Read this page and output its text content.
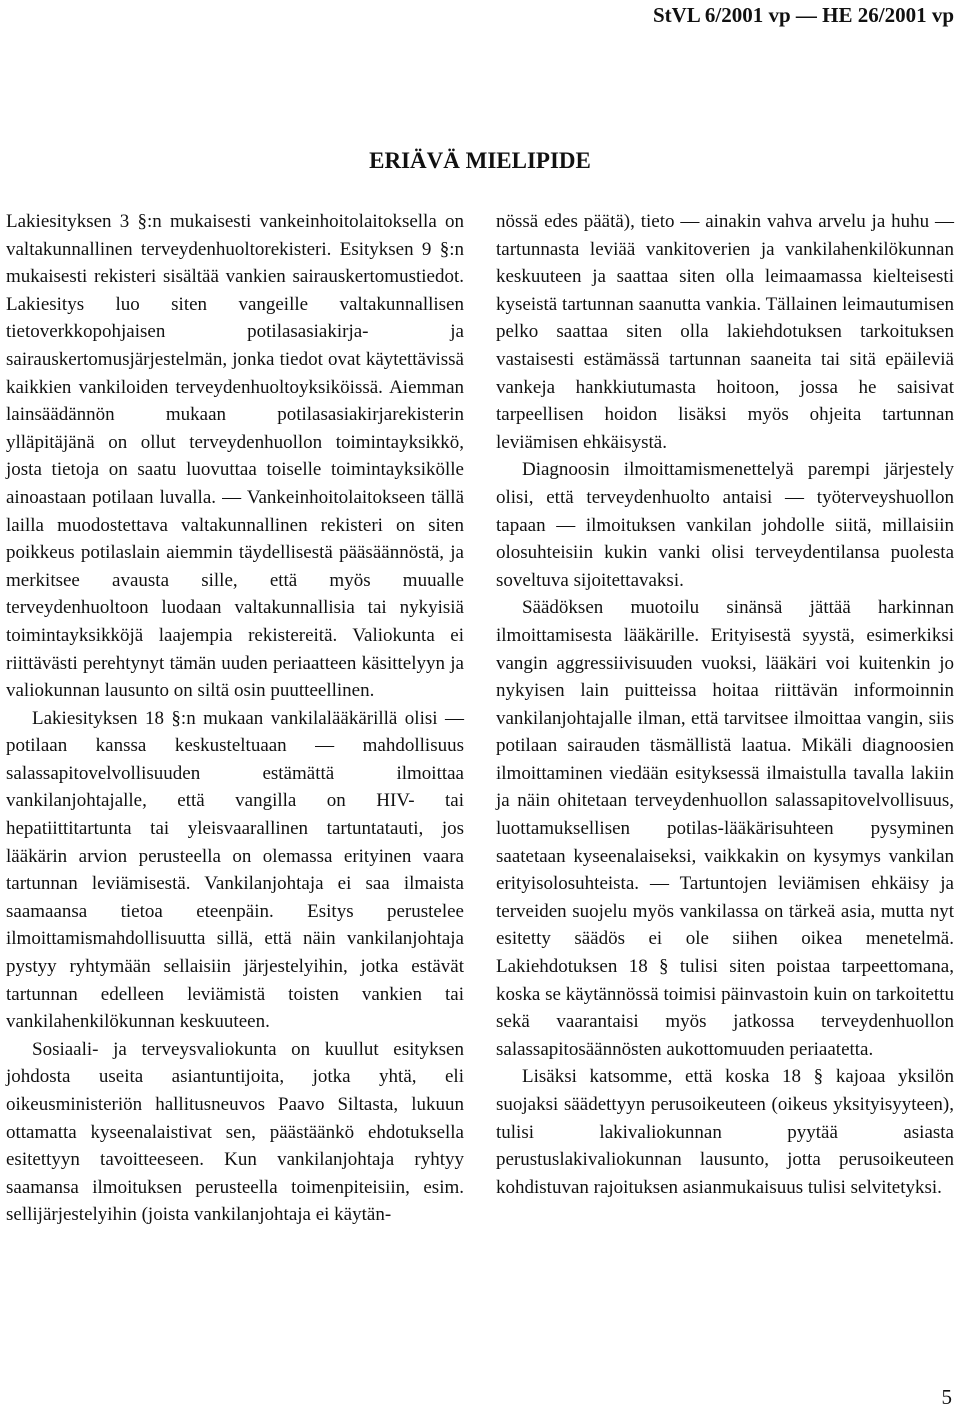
StVL 6/2001 vp — HE 26/2001 vp
ERIÄVÄ MIELIPIDE

Lakiesityksen 3 §:n mukaisesti vankeinhoitolaitoksella on valtakunnallinen terveydenhuoltorekisteri. Esityksen 9 §:n mukaisesti rekisteri sisältää vankien sairauskertomustiedot. Lakiesitys luo siten vangeille valtakunnallisen tietoverkkopohjaisen potilasasiakirja- ja sairauskertomusjärjestelmän, jonka tiedot ovat käytettävissä kaikkien vankiloiden terveydenhuoltoyksiköissä. Aiemman lainsäädännön mukaan potilasasiakirjarekisterin ylläpitäjänä on ollut terveydenhuollon toimintayksikkö, josta tietoja on saatu luovuttaa toiselle toimintayksikölle ainoastaan potilaan luvalla. — Vankeinhoitolaitokseen tällä lailla muodostettava valtakunnallinen rekisteri on siten poikkeus potilaslain aiemmin täydellisestä pääsäännöstä, ja merkitsee avausta sille, että myös muualle terveydenhuoltoon luodaan valtakunnallisia tai nykyisiä toimintayksikköjä laajempia rekistereitä. Valiokunta ei riittävästi perehtynyt tämän uuden periaatteen käsittelyyn ja valiokunnan lausunto on siltä osin puutteellinen.

Lakiesityksen 18 §:n mukaan vankilalääkärillä olisi — potilaan kanssa keskusteltuaan — mahdollisuus salassapitovelvollisuuden estämättä ilmoittaa vankilanjohtajalle, että vangilla on HIV- tai hepatiittitartunta tai yleisvaarallinen tartuntatauti, jos lääkärin arvion perusteella on olemassa erityinen vaara tartunnan leviämisestä. Vankilanjohtaja ei saa ilmaista saamaansa tietoa eteenpäin. Esitys perustelee ilmoittamismahdollisuutta sillä, että näin vankilanjohtaja pystyy ryhtymään sellaisiin järjestelyihin, jotka estävät tartunnan edelleen leviämistä toisten vankien tai vankilahenkilökunnan keskuuteen.

Sosiaali- ja terveysvaliokunta on kuullut esityksen johdosta useita asiantuntijoita, jotka yhtä, eli oikeusministeriön hallitusneuvos Paavo Siltasta, lukuun ottamatta kyseenalaistivat sen, päästäänkö ehdotuksella esitettyyn tavoitteeseen. Kun vankilanjohtaja ryhtyy saamansa ilmoituksen perusteella toimenpiteisiin, esim. sellijärjestelyihin (joista vankilanjohtaja ei käytän-

nössä edes päätä), tieto — ainakin vahva arvelu ja huhu — tartunnasta leviää vankitoverien ja vankilahenkilökunnan keskuuteen ja saattaa siten olla leimaamassa kielteisesti kyseistä tartunnan saanutta vankia. Tällainen leimautumisen pelko saattaa siten olla lakiehdotuksen tarkoituksen vastaisesti estämässä tartunnan saaneita tai sitä epäileviä vankeja hankkiutumasta hoitoon, jossa he saisivat tarpeellisen hoidon lisäksi myös ohjeita tartunnan leviämisen ehkäisystä.

Diagnoosin ilmoittamismenettelyä parempi järjestely olisi, että terveydenhuolto antaisi — työterveyshuollon tapaan — ilmoituksen vankilan johdolle siitä, millaisiin olosuhteisiin kukin vanki olisi terveydentilansa puolesta soveltuva sijoitettavaksi.

Säädöksen muotoilu sinänsä jättää harkinnan ilmoittamisesta lääkärille. Erityisestä syystä, esimerkiksi vangin aggressiivisuuden vuoksi, lääkäri voi kuitenkin jo nykyisen lain puitteissa hoitaa riittävän informoinnin vankilanjohtajalle ilman, että tarvitsee ilmoittaa vangin, siis potilaan sairauden täsmällistä laatua. Mikäli diagnoosien ilmoittaminen viedään esityksessä ilmaistulla tavalla lakiin ja näin ohitetaan terveydenhuollon salassapitovelvollisuus, luottamuksellisen potilas-lääkärisuhteen pysyminen saatetaan kyseenalaiseksi, vaikkakin on kysymys vankilan erityisolosuhteista. — Tartuntojen leviämisen ehkäisy ja terveiden suojelu myös vankilassa on tärkeä asia, mutta nyt esitetty säädös ei ole siihen oikea menetelmä. Lakiehdotuksen 18 § tulisi siten poistaa tarpeettomana, koska se käytännössä toimisi päinvastoin kuin on tarkoitettu sekä vaarantaisi myös jatkossa terveydenhuollon salassapitosäännösten aukottomuuden periaatetta.

Lisäksi katsomme, että koska 18 § kajoaa yksilön suojaksi säädettyyn perusoikeuteen (oikeus yksityisyyteen), tulisi lakivaliokunnan pyytää asiasta perustuslakivaliokunnan lausunto, jotta perusoikeuteen kohdistuvan rajoituksen asianmukaisuus tulisi selvitetyksi.

5
